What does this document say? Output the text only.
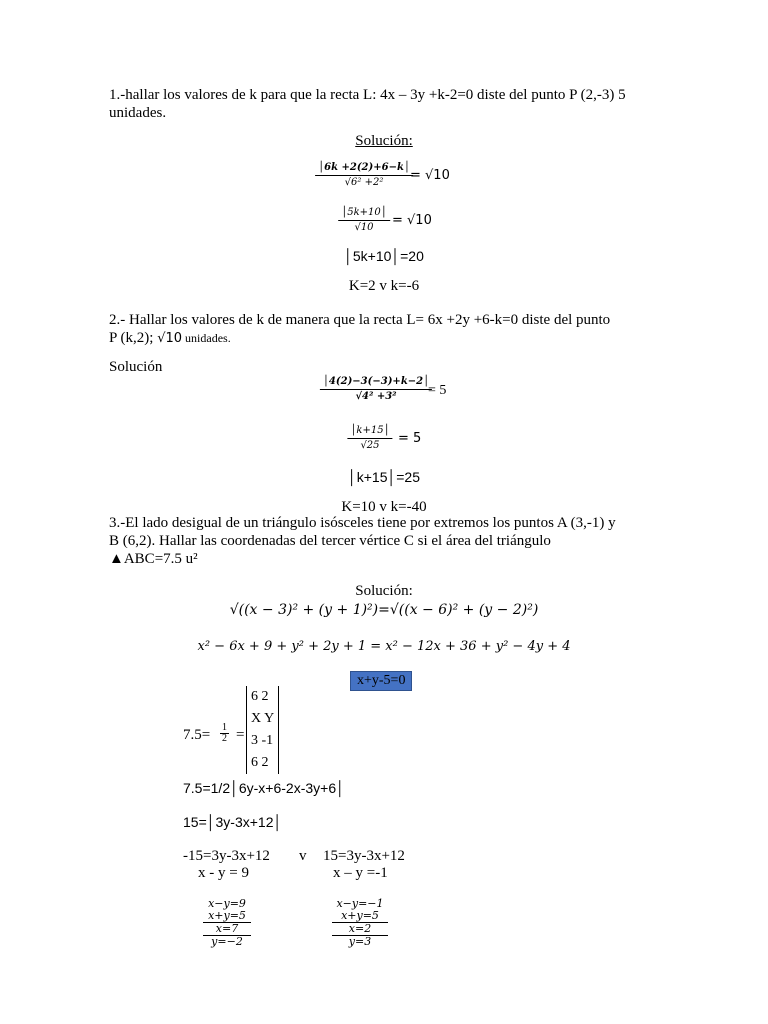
1.-hallar los valores de k para que la recta L: 4x – 3y +k-2=0 diste del punto P (2,-3) 5
unidades.
Solución:
$\frac{│6k +2(2)+6-k│}{\text{√6² +2²}}$
= √10
$\frac{│5k+10│}{√10} = √10$
│5k+10│=20
K=2 v k=-6
2.- Hallar los valores de k de manera que la recta L= 6x +2y +6-k=0 diste del punto
P (k,2); √10 unidades.
Solución
$\frac{│4(2)-3(-3)+k-2│}{\text{√4² +3²}}$
= 5
$\frac{│k+15│}{√25} = 5$
│k+15│=25
K=10 v k=-40
3.-El lado desigual de un triángulo isósceles tiene por extremos los puntos A (3,-1) y
B (6,2). Hallar las coordenadas del tercer vértice C si el área del triángulo
▲ABC=7.5 u²
Solución:
√((x − 3)² + (y + 1)²)=√((x − 6)² + (y − 2)²)
x² − 6x + 9 + y² + 2y + 1 = x² − 12x + 36 + y² − 4y + 4
x+y-5=0
$7.5= \frac{1}{2}$ =
6 2
X Y
3 -1
6 2
7.5=1/2│6y-x+6-2x-3y+6│
15=│3y-3x+12│
-15=3y-3x+12 v 15=3y-3x+12
x - y = 9	x – y =-1
x−y=9
x+y=5
x=7
y=−2
x−y=−1
x+y=5
x=2
y=3
